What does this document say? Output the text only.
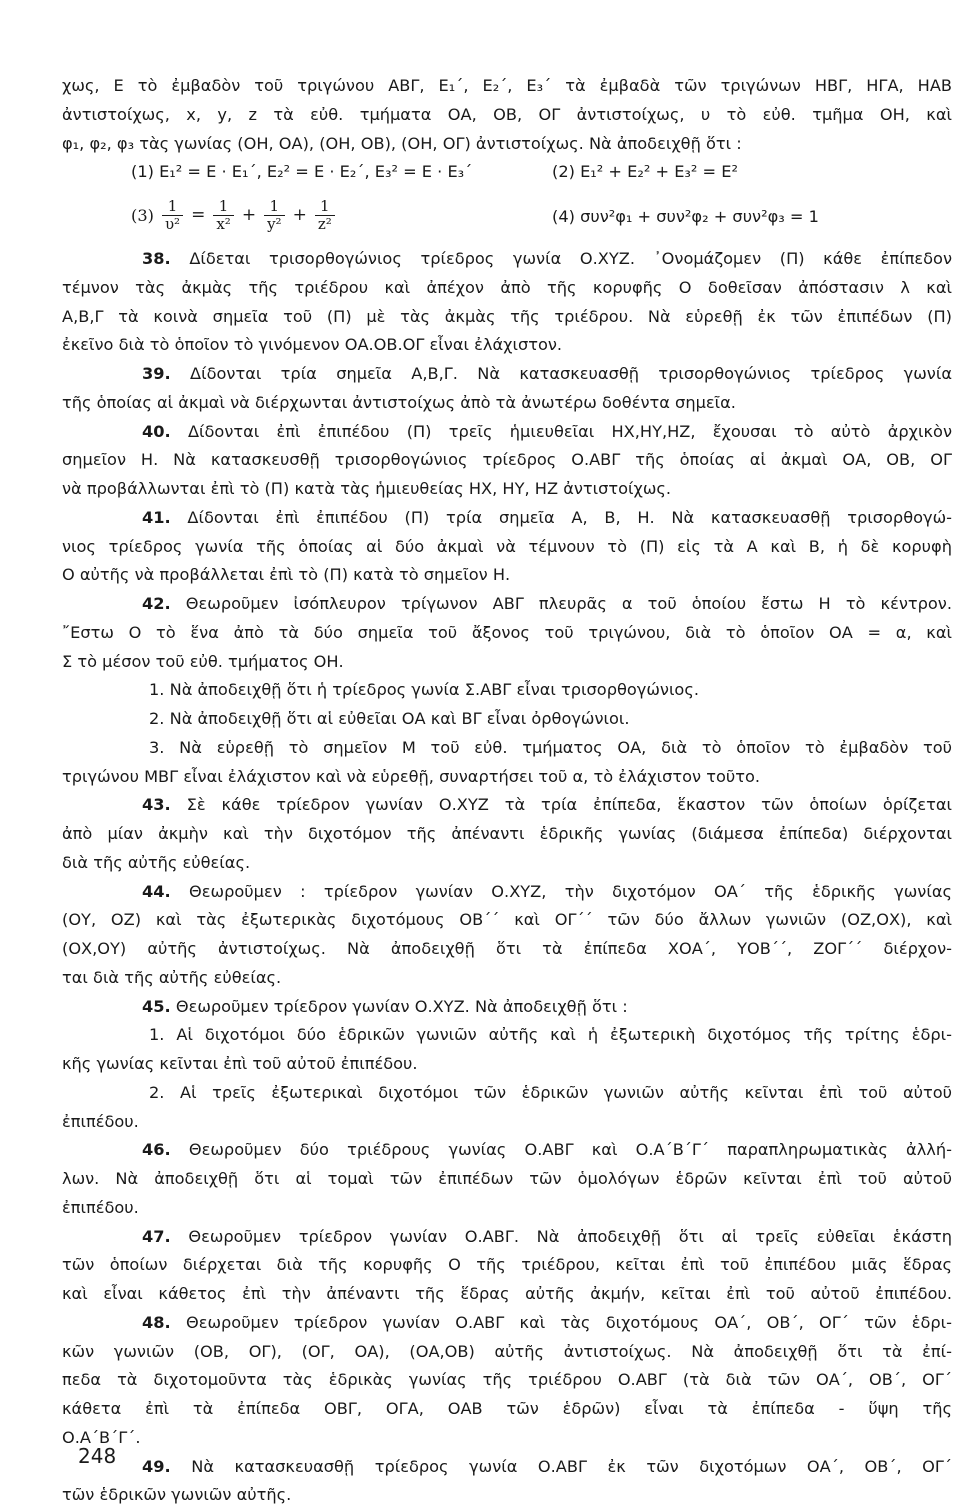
χως, Ε τὸ ἐμβαδὸν τοῦ τριγώνου ΑΒΓ, Ε₁΄, Ε₂΄, Ε₃΄ τὰ ἐμβαδὰ τῶν τριγώνων ΗΒΓ, ΗΓΑ, ΗΑΒ
ἀντιστοίχως, x, y, z τὰ εὐθ. τμήματα ΟΑ, ΟΒ, ΟΓ ἀντιστοίχως, υ τὸ εὐθ. τμῆμα ΟΗ, καὶ
φ₁, φ₂, φ₃ τὰς γωνίας (ΟΗ, ΟΑ), (ΟΗ, ΟΒ), (ΟΗ, ΟΓ) ἀντιστοίχως. Νὰ ἀποδειχθῇ ὅτι :
(1) Ε₁² = Ε · Ε₁΄, Ε₂² = Ε · Ε₂΄, Ε₃² = Ε · Ε₃΄	(2) Ε₁² + Ε₂² + Ε₃² = Ε²
$(3) \frac{1}{\text{υ²}} = \frac{1}{\text{x²}} + \frac{1}{\text{y²}} + \frac{1}{\text{z²}}$	(4) συν²φ₁ + συν²φ₂ + συν²φ₃ = 1
38. Δίδεται τρισορθογώνιος τρίεδρος γωνία Ο.ΧΥΖ. ᾿Ονομάζομεν (Π) κάθε ἐπίπεδον
τέμνον τὰς ἀκμὰς τῆς τριέδρου καὶ ἀπέχον ἀπὸ τῆς κορυφῆς Ο δοθεῖσαν ἀπόστασιν λ καὶ
Α,Β,Γ τὰ κοινὰ σημεῖα τοῦ (Π) μὲ τὰς ἀκμὰς τῆς τριέδρου. Νὰ εὑρεθῇ ἐκ τῶν ἐπιπέδων (Π)
ἐκεῖνο διὰ τὸ ὁποῖον τὸ γινόμενον ΟΑ.ΟΒ.ΟΓ εἶναι ἐλάχιστον.
39. Δίδονται τρία σημεῖα Α,Β,Γ. Νὰ κατασκευασθῇ τρισορθογώνιος τρίεδρος γωνία
τῆς ὁποίας αἱ ἀκμαὶ νὰ διέρχωνται ἀντιστοίχως ἀπὸ τὰ ἀνωτέρω δοθέντα σημεῖα.
40. Δίδονται ἐπὶ ἐπιπέδου (Π) τρεῖς ἡμιευθεῖαι ΗΧ,ΗΥ,ΗΖ, ἔχουσαι τὸ αὐτὸ ἀρχικὸν
σημεῖον Η. Νὰ κατασκευσθῇ τρισορθογώνιος τρίεδρος Ο.ΑΒΓ τῆς ὁποίας αἱ ἀκμαὶ ΟΑ, ΟΒ, ΟΓ
νὰ προβάλλωνται ἐπὶ τὸ (Π) κατὰ τὰς ἡμιευθείας ΗΧ, ΗΥ, ΗΖ ἀντιστοίχως.
41. Δίδονται ἐπὶ ἐπιπέδου (Π) τρία σημεῖα Α, Β, Η. Νὰ κατασκευασθῇ τρισορθογώ-
νιος τρίεδρος γωνία τῆς ὁποίας αἱ δύο ἀκμαὶ νὰ τέμνουν τὸ (Π) εἰς τὰ Α καὶ Β, ἡ δὲ κορυφὴ
Ο αὐτῆς νὰ προβάλλεται ἐπὶ τὸ (Π) κατὰ τὸ σημεῖον Η.
42. Θεωροῦμεν ἰσόπλευρον τρίγωνον ΑΒΓ πλευρᾶς α τοῦ ὁποίου ἔστω Η τὸ κέντρον.
῎Εστω Ο τὸ ἕνα ἀπὸ τὰ δύο σημεῖα τοῦ ἄξονος τοῦ τριγώνου, διὰ τὸ ὁποῖον ΟΑ = α, καὶ
Σ τὸ μέσον τοῦ εὐθ. τμήματος ΟΗ.
1. Νὰ ἀποδειχθῇ ὅτι ἡ τρίεδρος γωνία Σ.ΑΒΓ εἶναι τρισορθογώνιος.
2. Νὰ ἀποδειχθῇ ὅτι αἱ εὐθεῖαι ΟΑ καὶ ΒΓ εἶναι ὀρθογώνιοι.
3. Νὰ εὑρεθῇ τὸ σημεῖον Μ τοῦ εὐθ. τμήματος ΟΑ, διὰ τὸ ὁποῖον τὸ ἐμβαδὸν τοῦ
τριγώνου ΜΒΓ εἶναι ἐλάχιστον καὶ νὰ εὑρεθῇ, συναρτήσει τοῦ α, τὸ ἐλάχιστον τοῦτο.
43. Σὲ κάθε τρίεδρον γωνίαν Ο.ΧΥΖ τὰ τρία ἐπίπεδα, ἕκαστον τῶν ὁποίων ὁρίζεται
ἀπὸ μίαν ἀκμὴν καὶ τὴν διχοτόμον τῆς ἀπέναντι ἑδρικῆς γωνίας (διάμεσα ἐπίπεδα) διέρχονται
διὰ τῆς αὐτῆς εὐθείας.
44. Θεωροῦμεν : τρίεδρον γωνίαν Ο.ΧΥΖ, τὴν διχοτόμον ΟΑ΄ τῆς ἑδρικῆς γωνίας
(ΟΥ, ΟΖ) καὶ τὰς ἐξωτερικὰς διχοτόμους ΟΒ΄΄ καὶ ΟΓ΄΄ τῶν δύο ἄλλων γωνιῶν (ΟΖ,ΟΧ), καὶ
(ΟΧ,ΟΥ) αὐτῆς ἀντιστοίχως. Νὰ ἀποδειχθῇ ὅτι τὰ ἐπίπεδα ΧΟΑ΄, ΥΟΒ΄΄, ΖΟΓ΄΄ διέρχον-
ται διὰ τῆς αὐτῆς εὐθείας.
45. Θεωροῦμεν τρίεδρον γωνίαν Ο.ΧΥΖ. Νὰ ἀποδειχθῇ ὅτι :
1. Αἱ διχοτόμοι δύο ἑδρικῶν γωνιῶν αὐτῆς καὶ ἡ ἐξωτερικὴ διχοτόμος τῆς τρίτης ἑδρι-
κῆς γωνίας κεῖνται ἐπὶ τοῦ αὐτοῦ ἐπιπέδου.
2. Αἱ τρεῖς ἐξωτερικαὶ διχοτόμοι τῶν ἑδρικῶν γωνιῶν αὐτῆς κεῖνται ἐπὶ τοῦ αὐτοῦ
ἐπιπέδου.
46. Θεωροῦμεν δύο τριέδρους γωνίας Ο.ΑΒΓ καὶ Ο.Α΄Β΄Γ΄ παραπληρωματικὰς ἀλλή-
λων. Νὰ ἀποδειχθῇ ὅτι αἱ τομαὶ τῶν ἐπιπέδων τῶν ὁμολόγων ἑδρῶν κεῖνται ἐπὶ τοῦ αὐτοῦ
ἐπιπέδου.
47. Θεωροῦμεν τρίεδρον γωνίαν Ο.ΑΒΓ. Νὰ ἀποδειχθῇ ὅτι αἱ τρεῖς εὐθεῖαι ἑκάστη
τῶν ὁποίων διέρχεται διὰ τῆς κορυφῆς Ο τῆς τριέδρου, κεῖται ἐπὶ τοῦ ἐπιπέδου μιᾶς ἕδρας
καὶ εἶναι κάθετος ἐπὶ τὴν ἀπέναντι τῆς ἕδρας αὐτῆς ἀκμήν, κεῖται ἐπὶ τοῦ αὐτοῦ ἐπιπέδου.
48. Θεωροῦμεν τρίεδρον γωνίαν Ο.ΑΒΓ καὶ τὰς διχοτόμους ΟΑ΄, ΟΒ΄, ΟΓ΄ τῶν ἑδρι-
κῶν γωνιῶν (ΟΒ, ΟΓ), (ΟΓ, ΟΑ), (ΟΑ,ΟΒ) αὐτῆς ἀντιστοίχως. Νὰ ἀποδειχθῇ ὅτι τὰ ἐπί-
πεδα τὰ διχοτομοῦντα τὰς ἑδρικὰς γωνίας τῆς τριέδρου Ο.ΑΒΓ (τὰ διὰ τῶν ΟΑ΄, ΟΒ΄, ΟΓ΄
κάθετα ἐπὶ τὰ ἐπίπεδα ΟΒΓ, ΟΓΑ, ΟΑΒ τῶν ἑδρῶν) εἶναι τὰ ἐπίπεδα - ὕψη τῆς
Ο.Α΄Β΄Γ΄.
49. Νὰ κατασκευασθῇ τρίεδρος γωνία Ο.ΑΒΓ ἐκ τῶν διχοτόμων ΟΑ΄, ΟΒ΄, ΟΓ΄
τῶν ἑδρικῶν γωνιῶν αὐτῆς.
248
